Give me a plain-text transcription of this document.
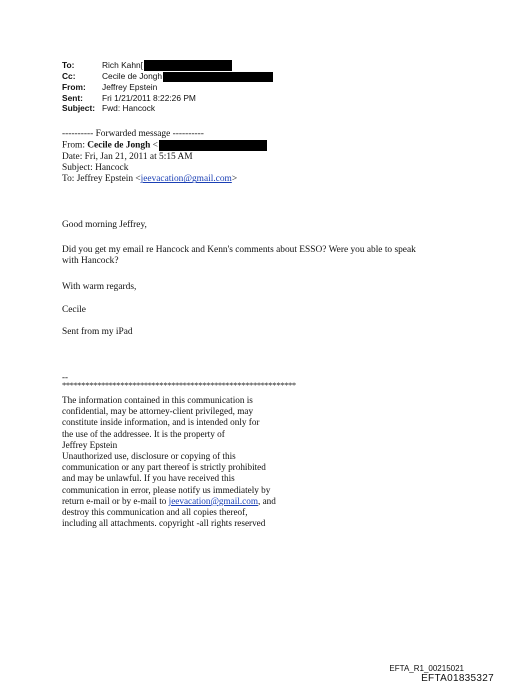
To:	Rich Kahn[
Cc:	Cecile de Jongh
From:	Jeffrey Epstein
Sent:	Fri 1/21/2011 8:22:26 PM
Subject: Fwd: Hancock
---------- Forwarded message ----------
From: Cecile de Jongh <
Date: Fri, Jan 21, 2011 at 5:15 AM
Subject: Hancock
To: Jeffrey Epstein <jeevacation@gmail.com>
Good morning Jeffrey,
Did you get my email re Hancock and Kenn's comments about ESSO? Were you able to speak
with Hancock?
With warm regards,
Cecile
Sent from my iPad
--
************************************************************
The information contained in this communication is
confidential, may be attorney-client privileged, may
constitute inside information, and is intended only for
the use of the addressee. It is the property of
Jeffrey Epstein
Unauthorized use, disclosure or copying of this
communication or any part thereof is strictly prohibited
and may be unlawful. If you have received this
communication in error, please notify us immediately by
return e-mail or by e-mail to jeevacation@gmail.com, and
destroy this communication and all copies thereof,
including all attachments. copyright -all rights reserved
EFTA_R1_00215021
EFTA01835327
